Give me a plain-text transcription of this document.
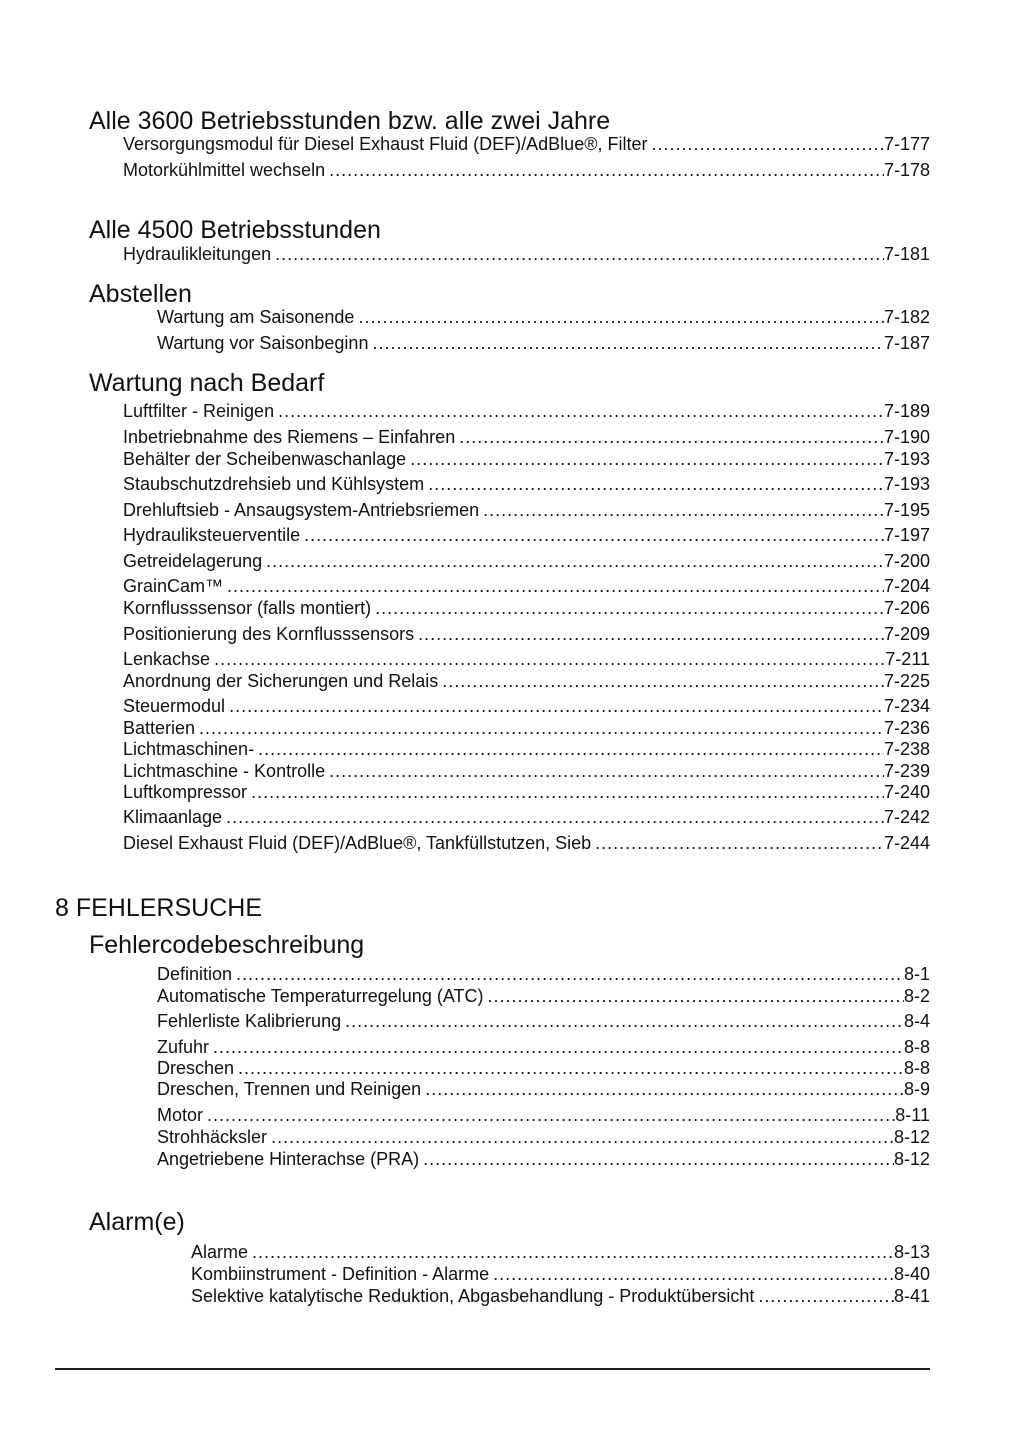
Alle 3600 Betriebsstunden bzw. alle zwei Jahre
Versorgungsmodul für Diesel Exhaust Fluid (DEF)/AdBlue®, Filter .....	7-177
Motorkühlmittel wechseln .....	7-178
Alle 4500 Betriebsstunden
Hydraulikleitungen .....	7-181
Abstellen
Wartung am Saisonende .....	7-182
Wartung vor Saisonbeginn .....	7-187
Wartung nach Bedarf
Luftfilter - Reinigen .....	7-189
Inbetriebnahme des Riemens – Einfahren .....	7-190
Behälter der Scheibenwaschanlage .....	7-193
Staubschutzdrehsieb und Kühlsystem .....	7-193
Drehluftsieb - Ansaugsystem-Antriebsriemen .....	7-195
Hydrauliksteuerventile .....	7-197
Getreidelagerung .....	7-200
GrainCam™ .....	7-204
Kornflusssensor (falls montiert) .....	7-206
Positionierung des Kornflusssensors .....	7-209
Lenkachse .....	7-211
Anordnung der Sicherungen und Relais .....	7-225
Steuermodul .....	7-234
Batterien .....	7-236
Lichtmaschinen- .....	7-238
Lichtmaschine - Kontrolle .....	7-239
Luftkompressor .....	7-240
Klimaanlage .....	7-242
Diesel Exhaust Fluid (DEF)/AdBlue®, Tankfüllstutzen, Sieb .....	7-244
8 FEHLERSUCHE
Fehlercodebeschreibung
Definition .....	8-1
Automatische Temperaturregelung (ATC) .....	8-2
Fehlerliste Kalibrierung .....	8-4
Zufuhr .....	8-8
Dreschen .....	8-8
Dreschen, Trennen und Reinigen .....	8-9
Motor .....	8-11
Strohhäcksler .....	8-12
Angetriebene Hinterachse (PRA) .....	8-12
Alarm(e)
Alarme .....	8-13
Kombiinstrument - Definition - Alarme .....	8-40
Selektive katalytische Reduktion, Abgasbehandlung - Produktübersicht .....	8-41
